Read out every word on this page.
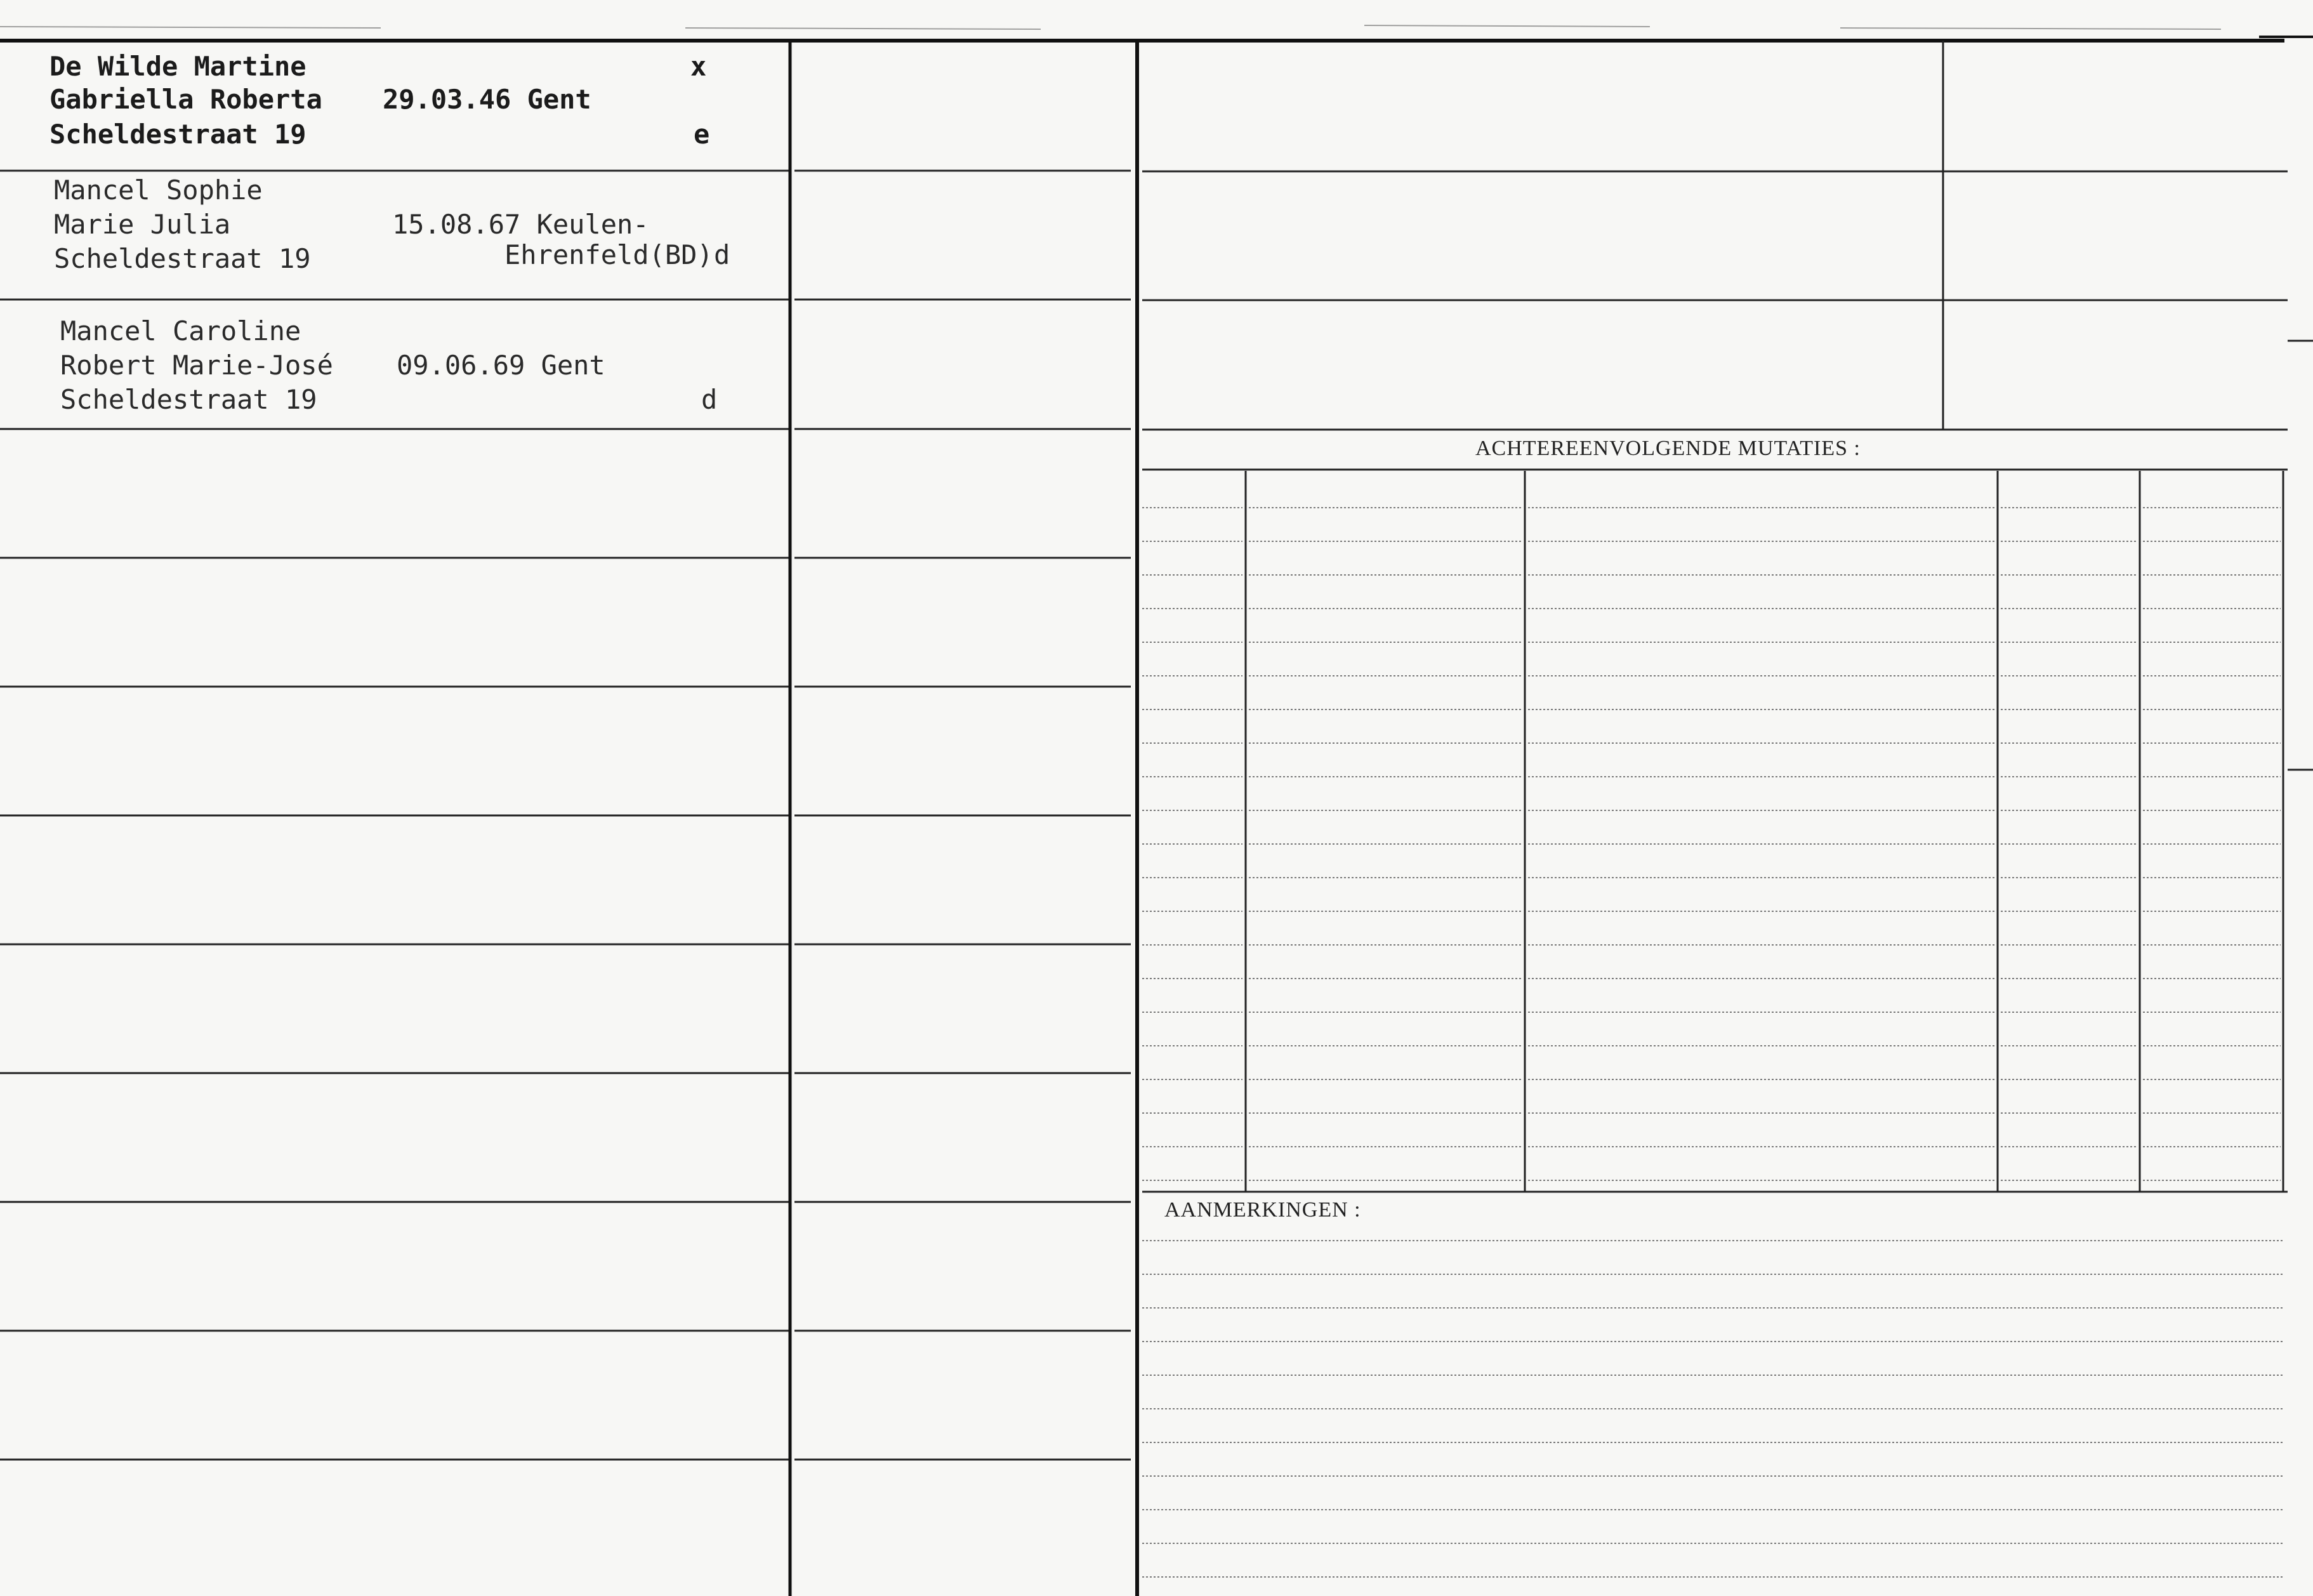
De Wilde Martine
Gabriella Roberta
Scheldestraat 19
29.03.46 Gent
x
e
Mancel Sophie
Marie Julia
Scheldestraat 19
15.08.67 Keulen-
Ehrenfeld(BD) d
Mancel Caroline
Robert Marie-José
Scheldestraat 19
09.06.69 Gent
d
ACHTEREENVOLGENDE MUTATIES :
AANMERKINGEN :
